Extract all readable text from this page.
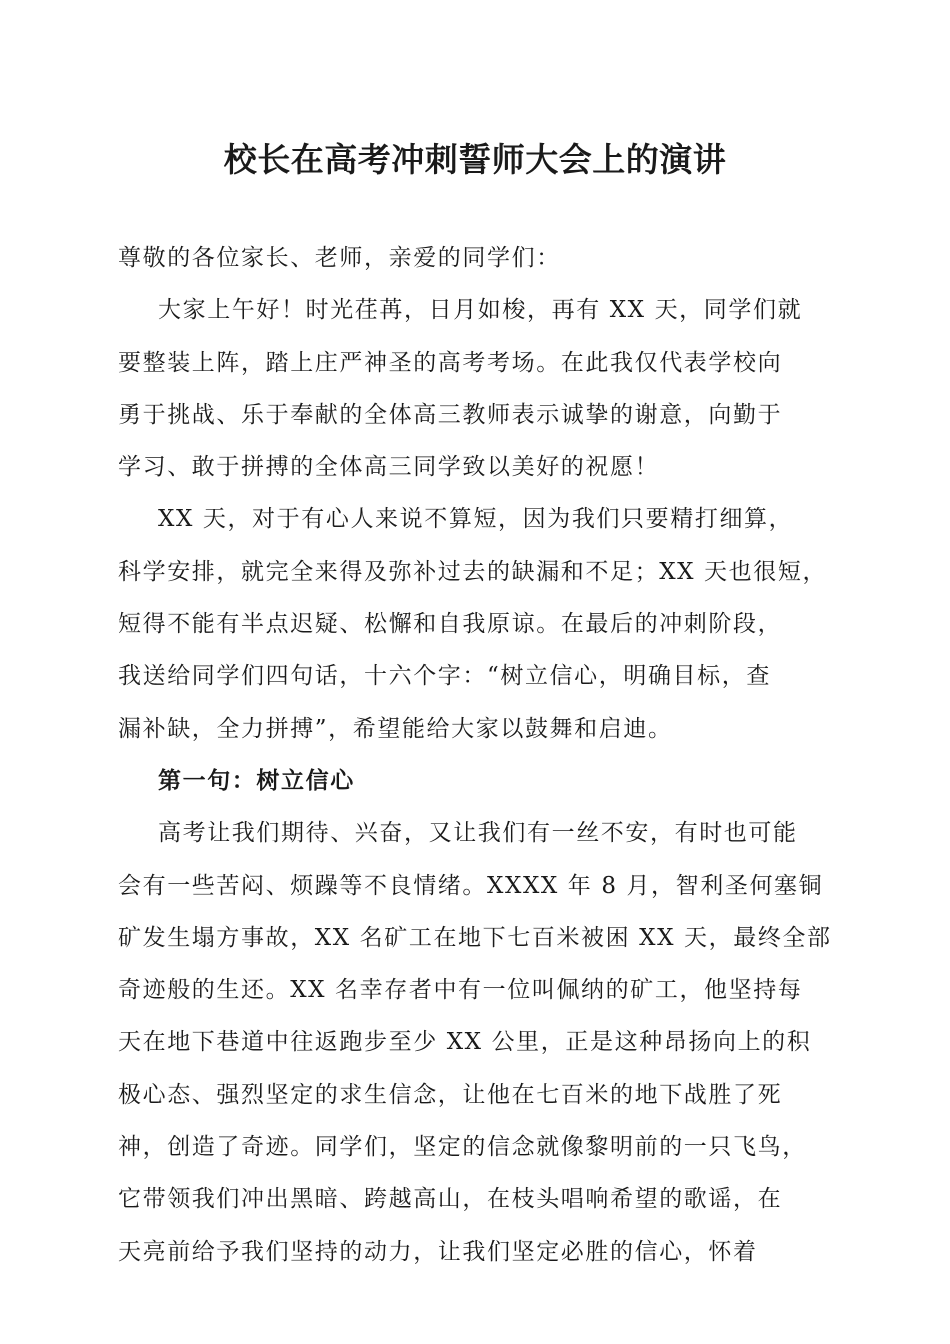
校长在高考冲刺誓师大会上的演讲
尊敬的各位家长、老师，亲爱的同学们：
大家上午好！时光荏苒，日月如梭，再有 XX 天，同学们就
要整装上阵，踏上庄严神圣的高考考场。在此我仅代表学校向
勇于挑战、乐于奉献的全体高三教师表示诚挚的谢意，向勤于
学习、敢于拼搏的全体高三同学致以美好的祝愿！
XX 天，对于有心人来说不算短，因为我们只要精打细算，
科学安排，就完全来得及弥补过去的缺漏和不足；XX 天也很短，
短得不能有半点迟疑、松懈和自我原谅。在最后的冲刺阶段，
我送给同学们四句话，十六个字：“树立信心，明确目标，查
漏补缺，全力拼搏”，希望能给大家以鼓舞和启迪。
第一句：树立信心
高考让我们期待、兴奋，又让我们有一丝不安，有时也可能
会有一些苦闷、烦躁等不良情绪。XXXX 年 8 月，智利圣何塞铜
矿发生塌方事故，XX 名矿工在地下七百米被困 XX 天，最终全部
奇迹般的生还。XX 名幸存者中有一位叫佩纳的矿工，他坚持每
天在地下巷道中往返跑步至少 XX 公里，正是这种昂扬向上的积
极心态、强烈坚定的求生信念，让他在七百米的地下战胜了死
神，创造了奇迹。同学们，坚定的信念就像黎明前的一只飞鸟，
它带领我们冲出黑暗、跨越高山，在枝头唱响希望的歌谣，在
天亮前给予我们坚持的动力，让我们坚定必胜的信心，怀着
